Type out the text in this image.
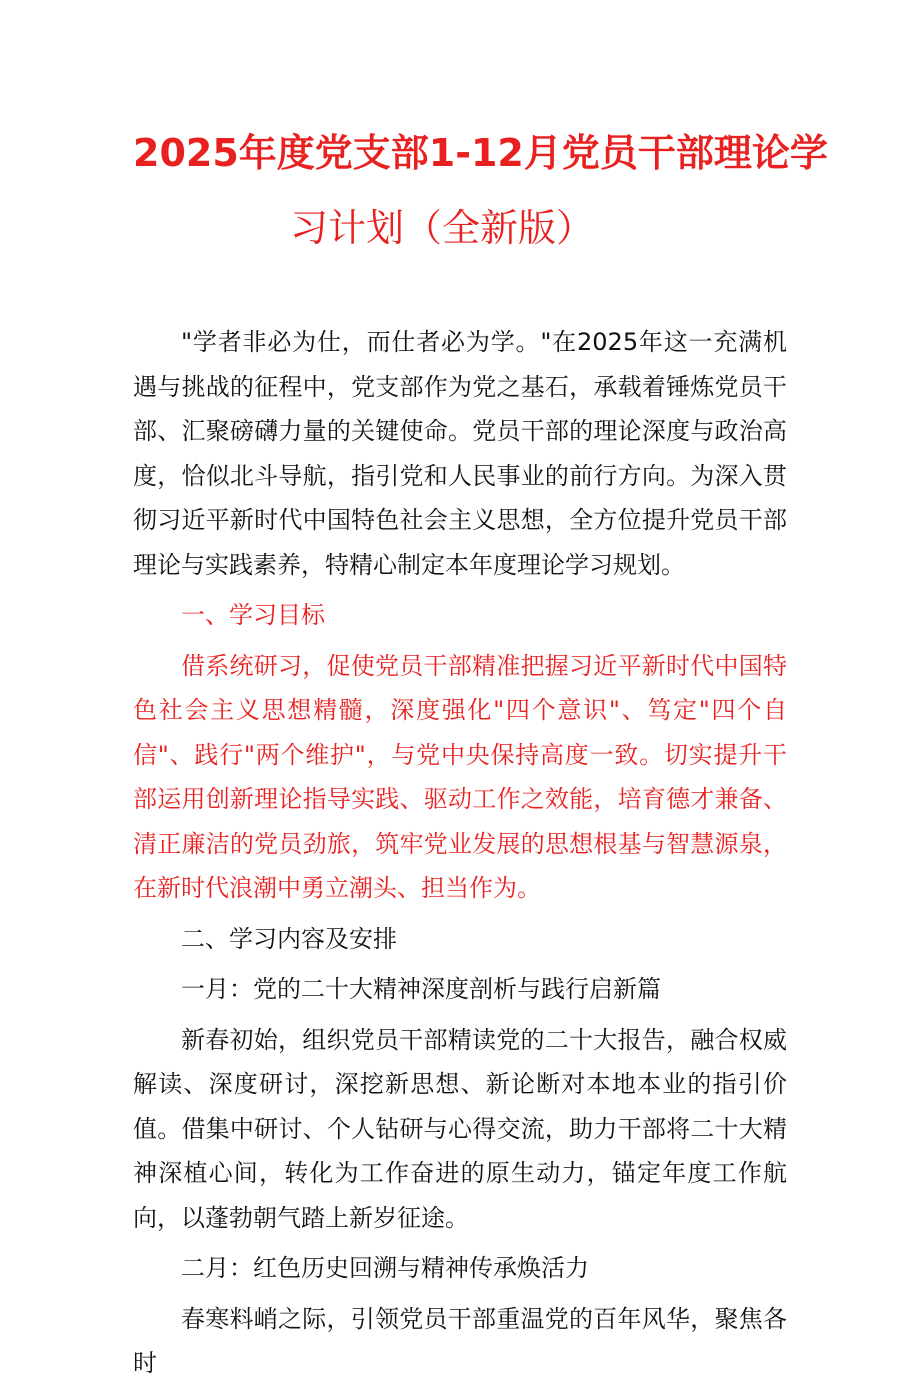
2025年度党支部1-12月党员干部理论学
习计划（全新版）

"学者非必为仕，而仕者必为学。"在2025年这一充满机遇与挑战的征程中，党支部作为党之基石，承载着锤炼党员干部、汇聚磅礴力量的关键使命。党员干部的理论深度与政治高度，恰似北斗导航，指引党和人民事业的前行方向。为深入贯彻习近平新时代中国特色社会主义思想，全方位提升党员干部理论与实践素养，特精心制定本年度理论学习规划。

一、学习目标

借系统研习，促使党员干部精准把握习近平新时代中国特色社会主义思想精髓，深度强化"四个意识"、笃定"四个自信"、践行"两个维护"，与党中央保持高度一致。切实提升干部运用创新理论指导实践、驱动工作之效能，培育德才兼备、清正廉洁的党员劲旅，筑牢党业发展的思想根基与智慧源泉，在新时代浪潮中勇立潮头、担当作为。

二、学习内容及安排

一月：党的二十大精神深度剖析与践行启新篇

新春初始，组织党员干部精读党的二十大报告，融合权威解读、深度研讨，深挖新思想、新论断对本地本业的指引价值。借集中研讨、个人钻研与心得交流，助力干部将二十大精神深植心间，转化为工作奋进的原生动力，锚定年度工作航向，以蓬勃朝气踏上新岁征途。

二月：红色历史回溯与精神传承焕活力

春寒料峭之际，引领党员干部重温党的百年风华，聚焦各时
